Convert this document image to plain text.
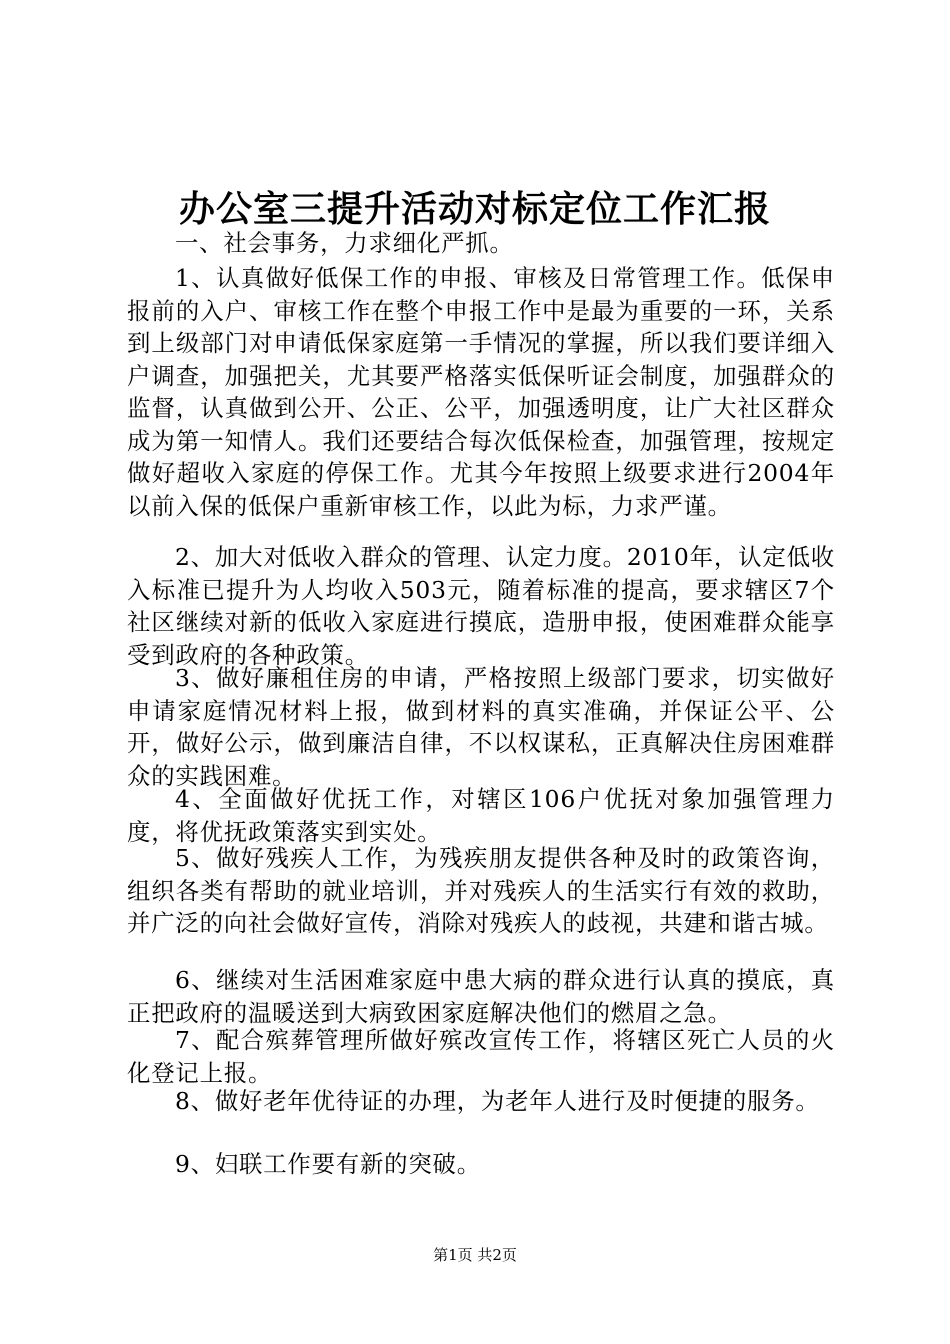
办公室三提升活动对标定位工作汇报

一、社会事务，力求细化严抓。

1、认真做好低保工作的申报、审核及日常管理工作。低保申报前的入户、审核工作在整个申报工作中是最为重要的一环，关系到上级部门对申请低保家庭第一手情况的掌握，所以我们要详细入户调查，加强把关，尤其要严格落实低保听证会制度，加强群众的监督，认真做到公开、公正、公平，加强透明度，让广大社区群众成为第一知情人。我们还要结合每次低保检查，加强管理，按规定做好超收入家庭的停保工作。尤其今年按照上级要求进行2004年以前入保的低保户重新审核工作，以此为标，力求严谨。

2、加大对低收入群众的管理、认定力度。2010年，认定低收入标准已提升为人均收入503元，随着标准的提高，要求辖区7个社区继续对新的低收入家庭进行摸底，造册申报，使困难群众能享受到政府的各种政策。

3、做好廉租住房的申请，严格按照上级部门要求，切实做好申请家庭情况材料上报，做到材料的真实准确，并保证公平、公开，做好公示，做到廉洁自律，不以权谋私，正真解决住房困难群众的实践困难。

4、全面做好优抚工作，对辖区106户优抚对象加强管理力度，将优抚政策落实到实处。

5、做好残疾人工作，为残疾朋友提供各种及时的政策咨询，组织各类有帮助的就业培训，并对残疾人的生活实行有效的救助，并广泛的向社会做好宣传，消除对残疾人的歧视，共建和谐古城。

6、继续对生活困难家庭中患大病的群众进行认真的摸底，真正把政府的温暖送到大病致困家庭解决他们的燃眉之急。

7、配合殡葬管理所做好殡改宣传工作，将辖区死亡人员的火化登记上报。

8、做好老年优待证的办理，为老年人进行及时便捷的服务。

9、妇联工作要有新的突破。

第1页 共2页
